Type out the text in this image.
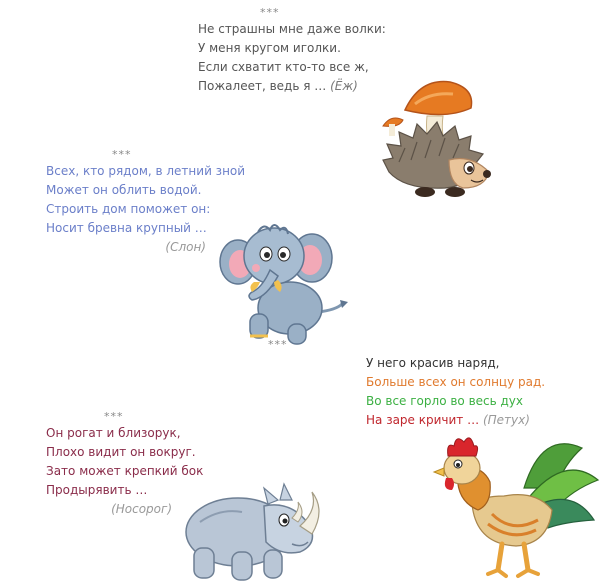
***
Не страшны мне даже волки:
У меня кругом иголки.
Если схватит кто-то все ж,
Пожалеет, ведь я … (Ёж)
***
Всех, кто рядом, в летний зной
Может он облить водой.
Строить дом поможет он:
Носит бревна крупный …
(Слон)
***
У него красив наряд,
Больше всех он солнцу рад.
Во все горло во весь дух
На заре кричит … (Петух)
***
Он рогат и близорук,
Плохо видит он вокруг.
Зато может крепкий бок
Продырявить …
(Носорог)
